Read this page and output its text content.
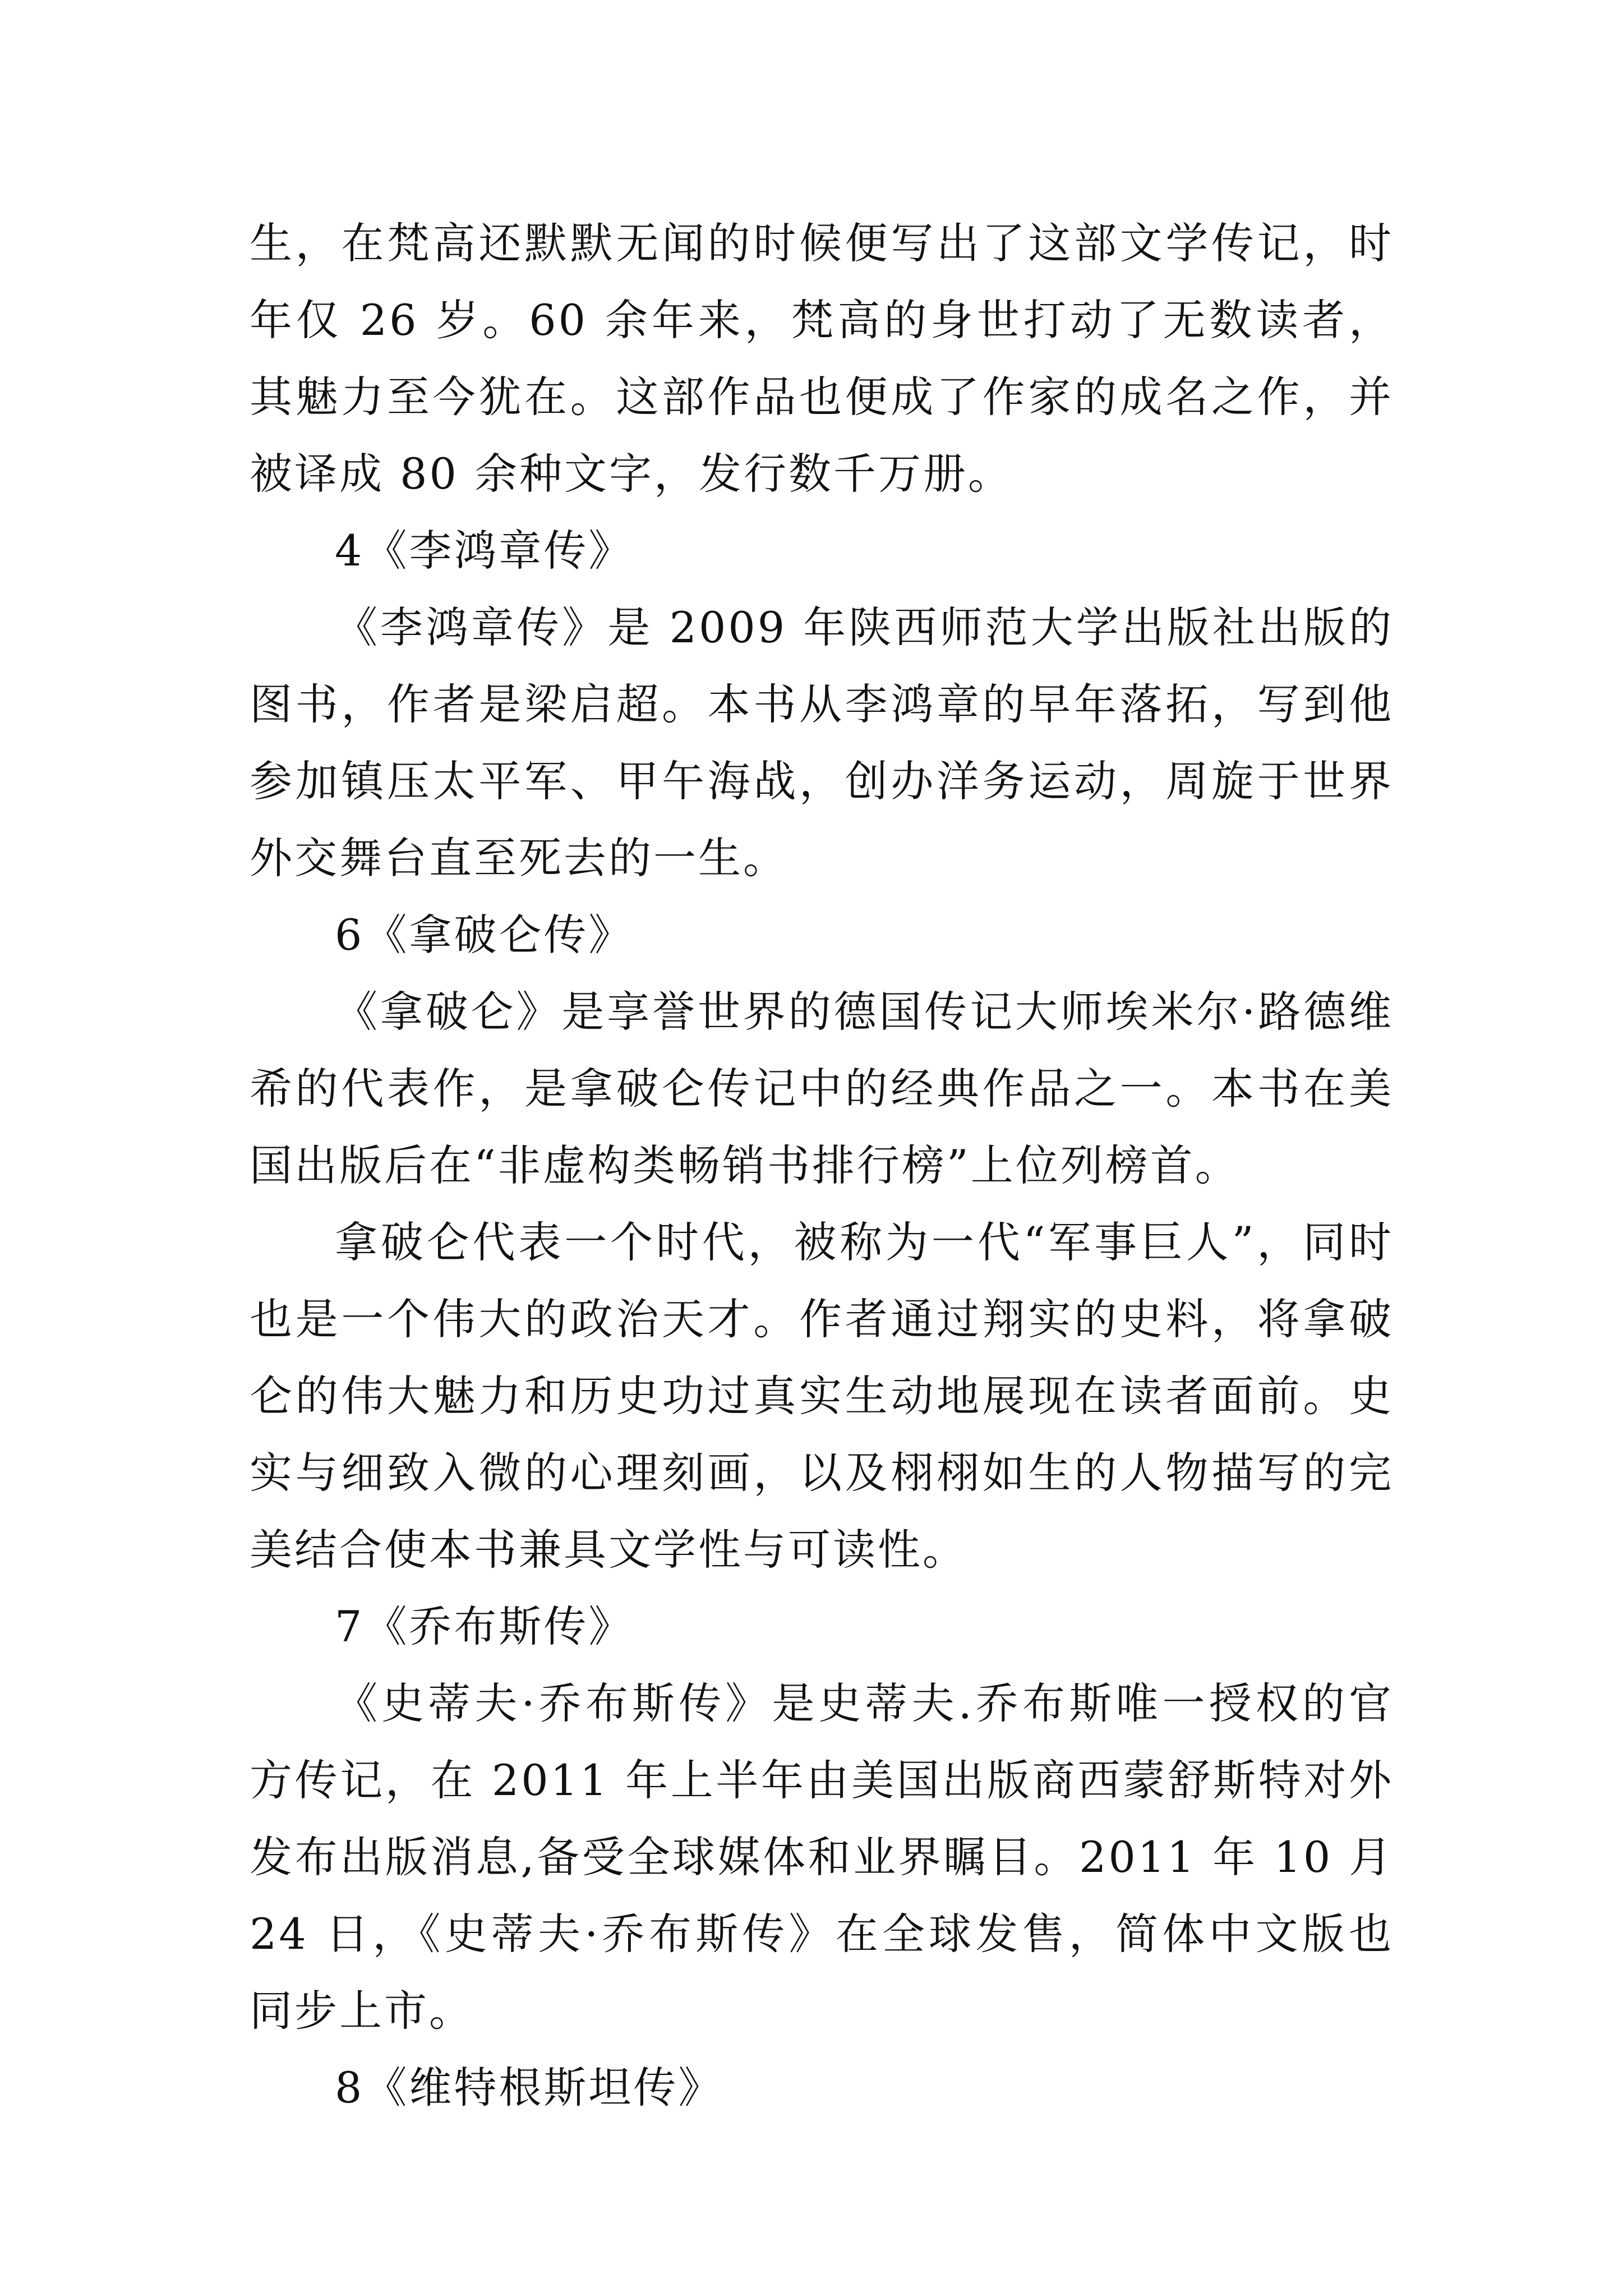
生，在梵高还默默无闻的时候便写出了这部文学传记，时年仅 26 岁。60 余年来，梵高的身世打动了无数读者，其魅力至今犹在。这部作品也便成了作家的成名之作，并被译成 80 余种文字，发行数千万册。

4《李鸿章传》

《李鸿章传》是 2009 年陕西师范大学出版社出版的图书，作者是梁启超。本书从李鸿章的早年落拓，写到他参加镇压太平军、甲午海战，创办洋务运动，周旋于世界外交舞台直至死去的一生。

6《拿破仑传》

《拿破仑》是享誉世界的德国传记大师埃米尔·路德维希的代表作，是拿破仑传记中的经典作品之一。本书在美国出版后在“非虚构类畅销书排行榜”上位列榜首。

拿破仑代表一个时代，被称为一代“军事巨人”，同时也是一个伟大的政治天才。作者通过翔实的史料，将拿破仑的伟大魅力和历史功过真实生动地展现在读者面前。史实与细致入微的心理刻画，以及栩栩如生的人物描写的完美结合使本书兼具文学性与可读性。

7《乔布斯传》

《史蒂夫·乔布斯传》是史蒂夫.乔布斯唯一授权的官方传记，在 2011 年上半年由美国出版商西蒙舒斯特对外发布出版消息,备受全球媒体和业界瞩目。2011 年 10 月 24 日，《史蒂夫·乔布斯传》在全球发售，简体中文版也同步上市。

8《维特根斯坦传》
